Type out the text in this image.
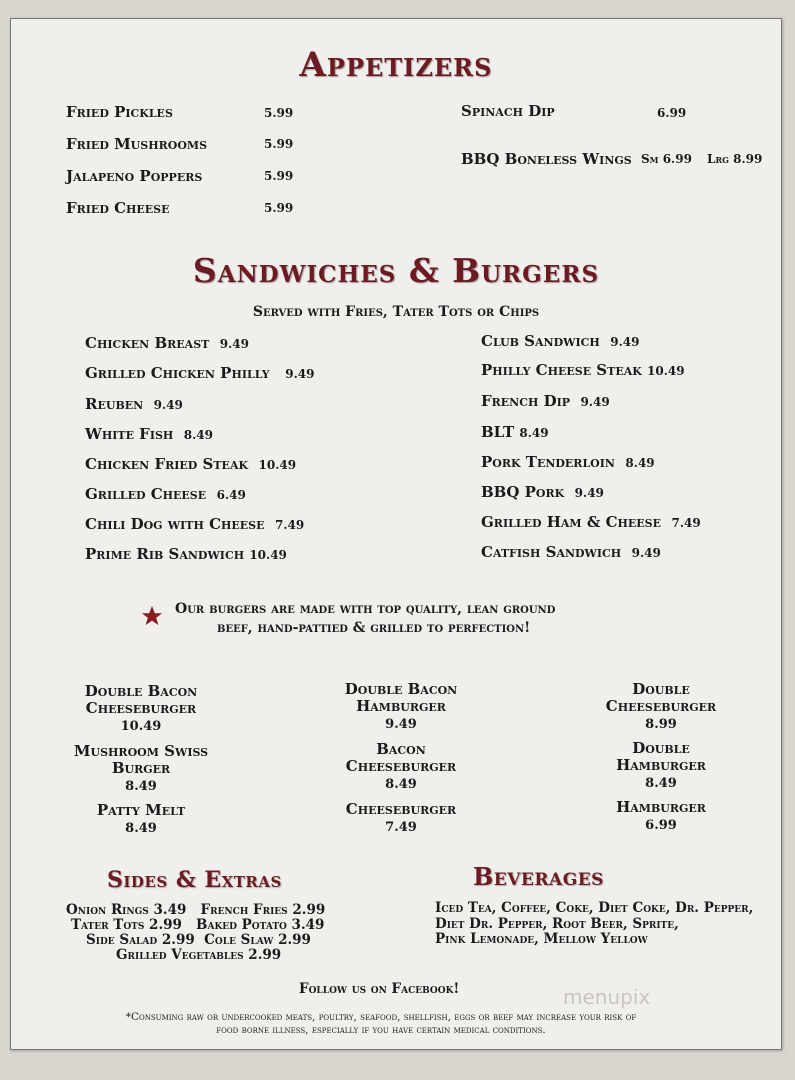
Appetizers
Fried Pickles	5.99
Fried Mushrooms	5.99
Jalapeno Poppers	5.99
Fried Cheese	5.99
Spinach Dip	6.99
BBQ Boneless Wings Sm 6.99 Lrg 8.99
Sandwiches & Burgers
Served with Fries, Tater Tots or Chips
Chicken Breast 9.49
Grilled Chicken Philly 9.49
Reuben 9.49
White Fish 8.49
Chicken Fried Steak 10.49
Grilled Cheese 6.49
Chili Dog with Cheese 7.49
Prime Rib Sandwich 10.49
Club Sandwich 9.49
Philly Cheese Steak 10.49
French Dip 9.49
BLT 8.49
Pork Tenderloin 8.49
BBQ Pork 9.49
Grilled Ham & Cheese 7.49
Catfish Sandwich 9.49
Our burgers are made with top quality, lean ground
beef, hand-pattied & grilled to perfection!
Double Bacon
Cheeseburger
10.49
Double Bacon
Hamburger
9.49
Double
Cheeseburger
8.99
Mushroom Swiss
Burger
8.49
Bacon
Cheeseburger
8.49
Double
Hamburger
8.49
Patty Melt
8.49
Cheeseburger
7.49
Hamburger
6.99
Sides & Extras
Onion Rings 3.49 French Fries 2.99
Tater Tots 2.99 Baked Potato 3.49
Side Salad 2.99 Cole Slaw 2.99
Grilled Vegetables 2.99
Beverages
Iced Tea, Coffee, Coke, Diet Coke, Dr. Pepper,
Diet Dr. Pepper, Root Beer, Sprite,
Pink Lemonade, Mellow Yellow
Follow us on Facebook!
*Consuming raw or undercooked meats, poultry, seafood, shellfish, eggs or beef may increase your risk of
food borne illness, especially if you have certain medical conditions.
menupix
